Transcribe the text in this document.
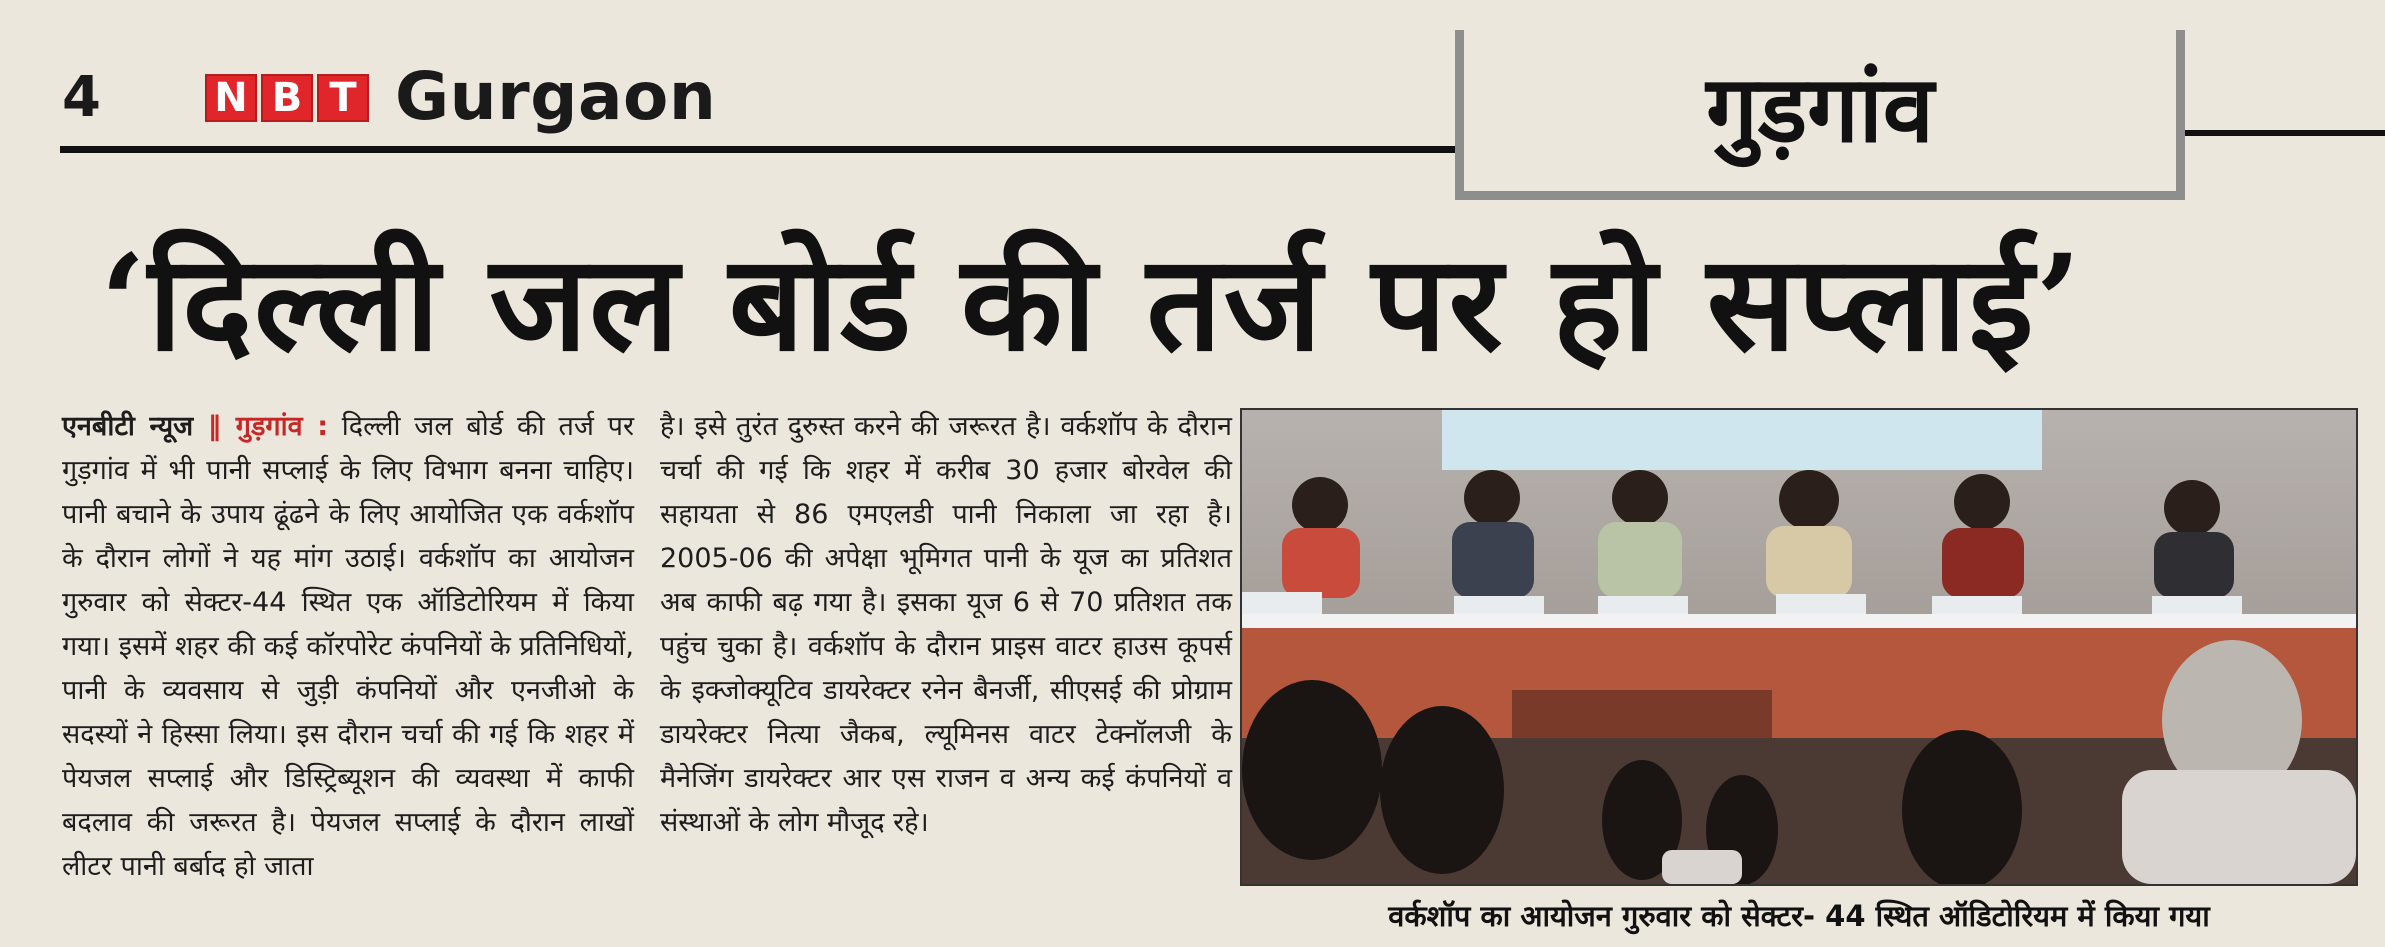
4	N B T Gurgaon	गुड़गांव
‘दिल्ली जल बोर्ड की तर्ज पर हो सप्लाई’
एनबीटी न्यूज ‖ गुड़गांव : दिल्ली जल बोर्ड की तर्ज पर गुड़गांव में भी पानी सप्लाई के लिए विभाग बनना चाहिए। पानी बचाने के उपाय ढूंढने के लिए आयोजित एक वर्कशॉप के दौरान लोगों ने यह मांग उठाई। वर्कशॉप का आयोजन गुरुवार को सेक्टर-44 स्थित एक ऑडिटोरियम में किया गया। इसमें शहर की कई कॉरपोरेट कंपनियों के प्रतिनिधियों, पानी के व्यवसाय से जुड़ी कंपनियों और एनजीओ के सदस्यों ने हिस्सा लिया। इस दौरान चर्चा की गई कि शहर में पेयजल सप्लाई और डिस्ट्रिब्यूशन की व्यवस्था में काफी बदलाव की जरूरत है। पेयजल सप्लाई के दौरान लाखों लीटर पानी बर्बाद हो जाता
है। इसे तुरंत दुरुस्त करने की जरूरत है। वर्कशॉप के दौरान चर्चा की गई कि शहर में करीब 30 हजार बोरवेल की सहायता से 86 एमएलडी पानी निकाला जा रहा है। 2005-06 की अपेक्षा भूमिगत पानी के यूज का प्रतिशत अब काफी बढ़ गया है। इसका यूज 6 से 70 प्रतिशत तक पहुंच चुका है। वर्कशॉप के दौरान प्राइस वाटर हाउस कूपर्स के इक्जोक्यूटिव डायरेक्टर रनेन बैनर्जी, सीएसई की प्रोग्राम डायरेक्टर नित्या जैकब, ल्यूमिनस वाटर टेक्नॉलजी के मैनेजिंग डायरेक्टर आर एस राजन व अन्य कई कंपनियों व संस्थाओं के लोग मौजूद रहे।
वर्कशॉप का आयोजन गुरुवार को सेक्टर- 44 स्थित ऑडिटोरियम में किया गया
